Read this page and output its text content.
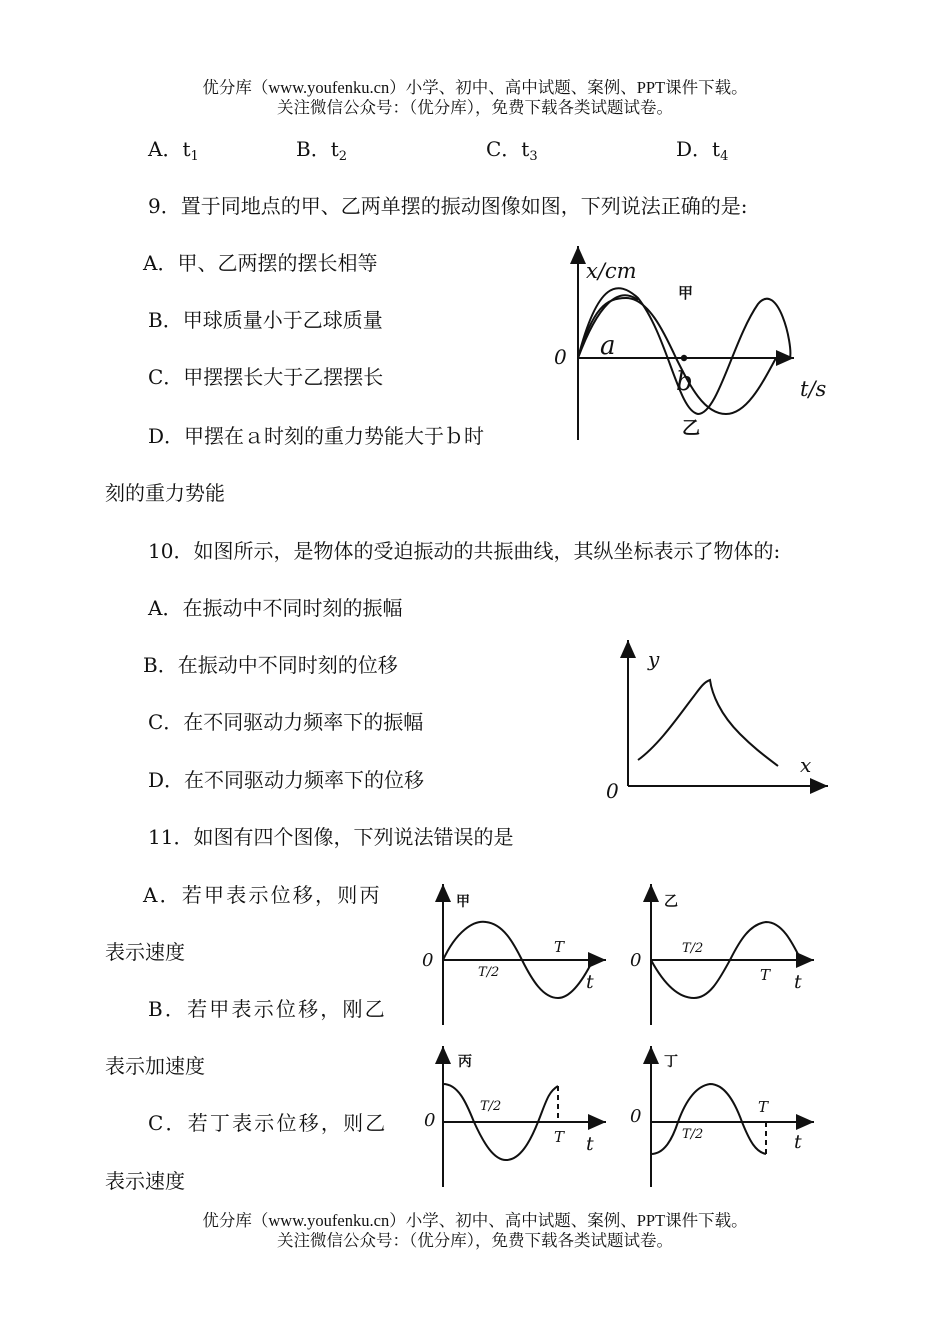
优分库（www.youfenku.cn）小学、初中、高中试题、案例、PPT课件下载。
关注微信公众号：（优分库），免费下载各类试题试卷。
A．$t_1$	B．$t_2$	C．$t_3$	D．$t_4$
9．置于同地点的甲、乙两单摆的振动图像如图，下列说法正确的是:
A．甲、乙两摆的摆长相等
B．甲球质量小于乙球质量
C．甲摆摆长大于乙摆摆长
D．甲摆在ａ时刻的重力势能大于ｂ时
刻的重力势能
x/cm
t/s
0
甲
乙
a
b
10．如图所示，是物体的受迫振动的共振曲线，其纵坐标表示了物体的:
A．在振动中不同时刻的振幅
B．在振动中不同时刻的位移
C．在不同驱动力频率下的振幅
D．在不同驱动力频率下的位移
y
x
0
11．如图有四个图像，下列说法错误的是
A．若甲表示位移，则丙
表示速度
B．若甲表示位移，刚乙
表示加速度
C．若丁表示位移，则乙
表示速度
甲
0
T/2
T
t
乙
0
T/2
T t
丙
0
T/2
T t
丁
0
T/2
T
t
优分库（www.youfenku.cn）小学、初中、高中试题、案例、PPT课件下载。
关注微信公众号：（优分库），免费下载各类试题试卷。
